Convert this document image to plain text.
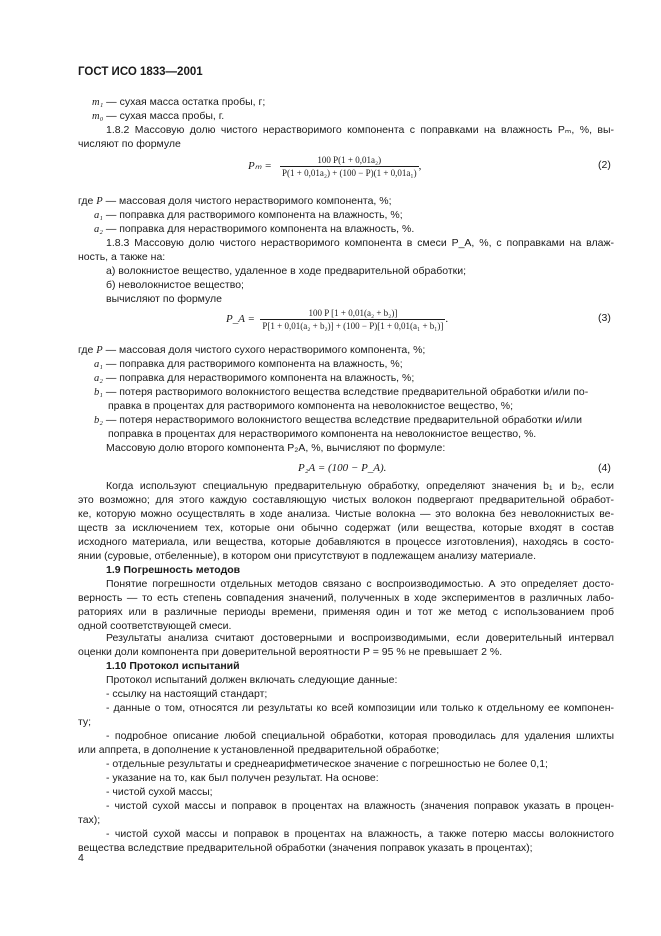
ГОСТ ИСО 1833—2001
m₁ — сухая масса остатка пробы, г;
m₀ — сухая масса пробы, г.
1.8.2 Массовую долю чистого нерастворимого компонента с поправками на влажность Pₘ, %, вы-
числяют по формуле
$P_m = \frac{\text{100 P(1 + 0,01a₂)}}{\text{P(1 + 0,01a₂) + (100 − P)(1 + 0,01a₁)}}$ ,	(2)
где P — массовая доля чистого нерастворимого компонента, %;
a₁ — поправка для растворимого компонента на влажность, %;
a₂ — поправка для нерастворимого компонента на влажность, %.
1.8.3 Массовую долю чистого нерастворимого компонента в смеси P_A, %, с поправками на влаж-
ность, а также на:
а) волокнистое вещество, удаленное в ходе предварительной обработки;
б) неволокнистое вещество;
вычисляют по формуле
P_A = $\frac{\text{100 P [1 + 0,01(a₂ + b₂)]}}{\text{P[1 + 0,01(a₂ + b₂)] + (100 − P)[1 + 0,01(a₁ + b₁)]}}$ .	(3)
где P — массовая доля чистого сухого нерастворимого компонента, %;
a₁ — поправка для растворимого компонента на влажность, %;
a₂ — поправка для нерастворимого компонента на влажность, %;
b₁ — потеря растворимого волокнистого вещества вследствие предварительной обработки и/или по-
правка в процентах для растворимого компонента на неволокнистое вещество, %;
b₂ — потеря нерастворимого волокнистого вещества вследствие предварительной обработки и/или
поправка в процентах для нерастворимого компонента на неволокнистое вещество, %.
Массовую долю второго компонента P₂A, %, вычисляют по формуле:
P₂A = (100 − P_A).	(4)
Когда используют специальную предварительную обработку, определяют значения b₁ и b₂, если
это возможно; для этого каждую составляющую чистых волокон подвергают предварительной обработ-
ке, которую можно осуществлять в ходе анализа. Чистые волокна — это волокна без неволокнистых ве-
ществ за исключением тех, которые они обычно содержат (или вещества, которые входят в состав
исходного материала, или вещества, которые добавляются в процессе изготовления), находясь в состо-
янии (суровые, отбеленные), в котором они присутствуют в подлежащем анализу материале.
1.9 Погрешность методов
Понятие погрешности отдельных методов связано с воспроизводимостью. А это определяет досто-
верность — то есть степень совпадения значений, полученных в ходе экспериментов в различных лабо-
раториях или в различные периоды времени, применяя один и тот же метод с использованием проб
одной соответствующей смеси.
Результаты анализа считают достоверными и воспроизводимыми, если доверительный интервал
оценки доли компонента при доверительной вероятности P = 95 % не превышает 2 %.
1.10 Протокол испытаний
Протокол испытаний должен включать следующие данные:
- ссылку на настоящий стандарт;
- данные о том, относятся ли результаты ко всей композиции или только к отдельному ее компонен-
ту;
- подробное описание любой специальной обработки, которая проводилась для удаления шлихты
или аппрета, в дополнение к установленной предварительной обработке;
- отдельные результаты и среднеарифметическое значение с погрешностью не более 0,1;
- указание на то, как был получен результат. На основе:
- чистой сухой массы;
- чистой сухой массы и поправок в процентах на влажность (значения поправок указать в процен-
тах);
- чистой сухой массы и поправок в процентах на влажность, а также потерю массы волокнистого
вещества вследствие предварительной обработки (значения поправок указать в процентах);
4
